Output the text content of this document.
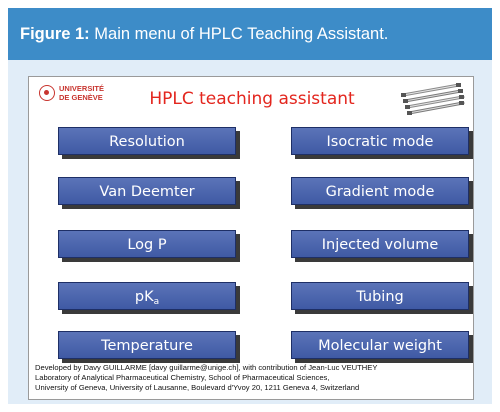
Figure 1: Main menu of HPLC Teaching Assistant.
UNIVERSITÉ
DE GENÈVE	HPLC teaching assistant
Resolution
Van Deemter
Log P
$pK_a$
Temperature
Isocratic mode
Gradient mode
Injected volume
Tubing
Molecular weight
Developed by Davy GUILLARME [davy guillarme@unige.ch], with contribution of Jean-Luc VEUTHEY
Laboratory of Analytical Pharmaceutical Chemistry, School of Pharmaceutical Sciences,
University of Geneva, University of Lausanne, Boulevard d'Yvoy 20, 1211 Geneva 4, Switzerland
